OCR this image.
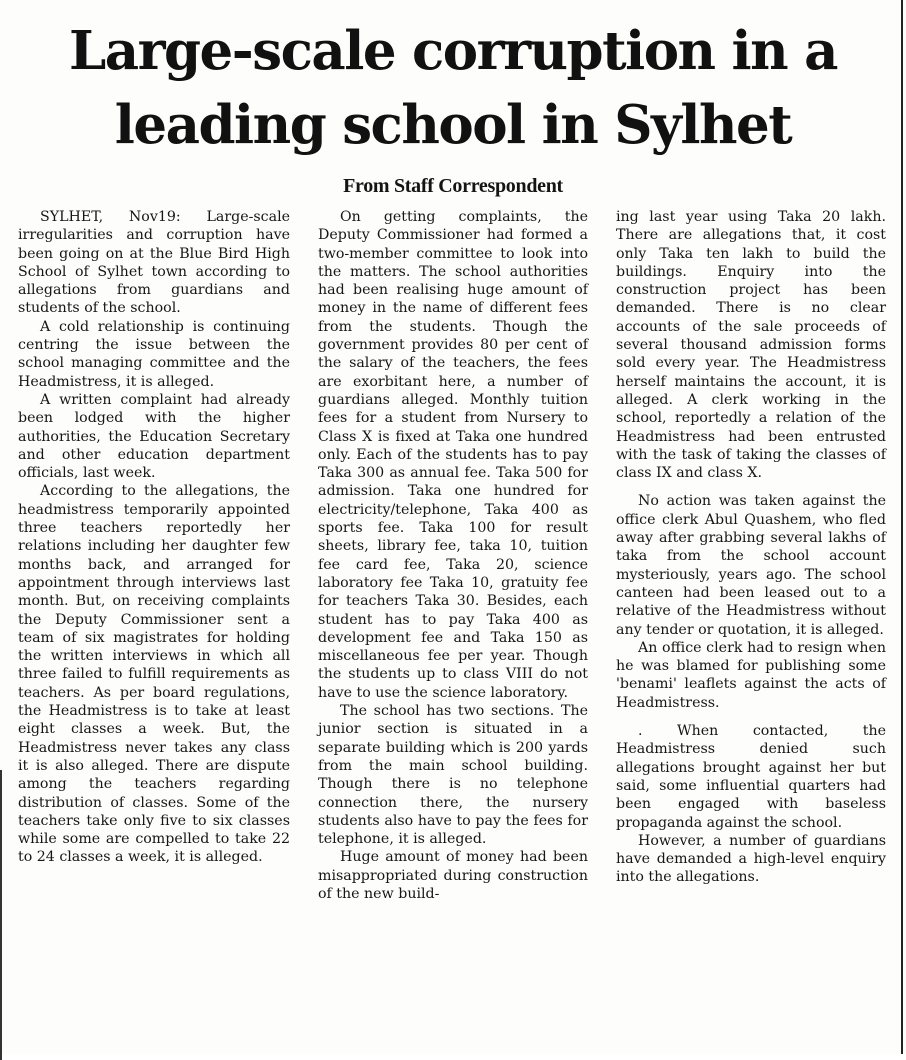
Large-scale corruption in a
leading school in Sylhet
From Staff Correspondent

SYLHET, Nov19: Large-scale irregularities and corruption have been going on at the Blue Bird High School of Sylhet town according to allegations from guardians and students of the school.

A cold relationship is continuing centring the issue between the school managing committee and the Headmistress, it is alleged.

A written complaint had already been lodged with the higher authorities, the Education Secretary and other education department officials, last week.

According to the allegations, the headmistress temporarily appointed three teachers reportedly her relations including her daughter few months back, and arranged for appointment through interviews last month. But, on receiving complaints the Deputy Commissioner sent a team of six magistrates for holding the written interviews in which all three failed to fulfill requirements as teachers. As per board regulations, the Headmistress is to take at least eight classes a week. But, the Headmistress never takes any class it is also alleged. There are dispute among the teachers regarding distribution of classes. Some of the teachers take only five to six classes while some are compelled to take 22 to 24 classes a week, it is alleged.

On getting complaints, the Deputy Commissioner had formed a two-member committee to look into the matters. The school authorities had been realising huge amount of money in the name of different fees from the students. Though the government provides 80 per cent of the salary of the teachers, the fees are exorbitant here, a number of guardians alleged. Monthly tuition fees for a student from Nursery to Class X is fixed at Taka one hundred only. Each of the students has to pay Taka 300 as annual fee. Taka 500 for admission. Taka one hundred for electricity/telephone, Taka 400 as sports fee. Taka 100 for result sheets, library fee, taka 10, tuition fee card fee, Taka 20, science laboratory fee Taka 10, gratuity fee for teachers Taka 30. Besides, each student has to pay Taka 400 as development fee and Taka 150 as miscellaneous fee per year. Though the students up to class VIII do not have to use the science laboratory.

The school has two sections. The junior section is situated in a separate building which is 200 yards from the main school building. Though there is no telephone connection there, the nursery students also have to pay the fees for telephone, it is alleged.

Huge amount of money had been misappropriated during construction of the new build-

ing last year using Taka 20 lakh. There are allegations that, it cost only Taka ten lakh to build the buildings. Enquiry into the construction project has been demanded. There is no clear accounts of the sale proceeds of several thousand admission forms sold every year. The Headmistress herself maintains the account, it is alleged. A clerk working in the school, reportedly a relation of the Headmistress had been entrusted with the task of taking the classes of class IX and class X.

No action was taken against the office clerk Abul Quashem, who fled away after grabbing several lakhs of taka from the school account mysteriously, years ago. The school canteen had been leased out to a relative of the Headmistress without any tender or quotation, it is alleged.

An office clerk had to resign when he was blamed for publishing some 'benami' leaflets against the acts of Headmistress.

. When contacted, the Headmistress denied such allegations brought against her but said, some influential quarters had been engaged with baseless propaganda against the school.

However, a number of guardians have demanded a high-level enquiry into the allegations.
